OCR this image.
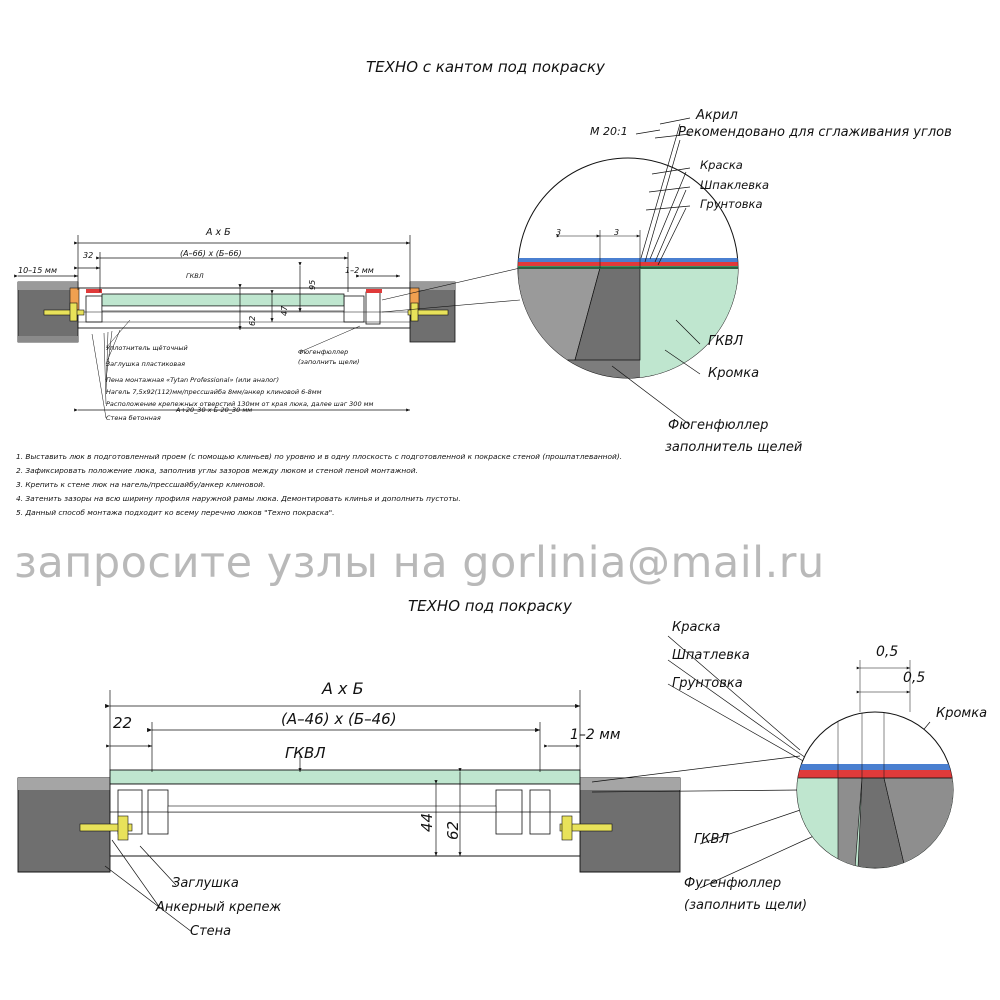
ТЕХНО с кантом под покраску
М 20:1
Акрил
Рекомендовано для сглаживания углов
Краска
Шпаклевка
Грунтовка
ГКВЛ
Кромка
Фюгенфюллер
заполнитель щелей
А х Б
(А–66) х (Б–66)
32
10–15 мм	1–2 мм
ГКВЛ
95
47
62
А+20_30 х Б-20_30 мм
3	3
Уплотнитель щёточный
Заглушка пластиковая
Пена монтажная «Tytan Professional» (или аналог)
Нагель 7,5х92(112)мм/прессшайба 8мм/анкер клиновой 6-8мм
Расположение крепежных отверстий 130мм от края люка, далее шаг 300 мм
Стена бетонная
Фюгенфюллер
(заполнить щели)
1. Выставить люк в подготовленный проем (с помощью клиньев) по уровню и в одну плоскость с подготовленной к покраске стеной (прошпатлеванной).
2. Зафиксировать положение люка, заполнив углы зазоров между люком и стеной пеной монтажной.
3. Крепить к стене люк на нагель/прессшайбу/анкер клиновой.
4. Затенить зазоры на всю ширину профиля наружной рамы люка. Демонтировать клинья и дополнить пустоты.
5. Данный способ монтажа подходит ко всему перечню люков "Техно покраска".
запросите узлы на gorlinia@mail.ru
ТЕХНО под покраску
Краска
Шпатлевка
Грунтовка
Кромка
ГКВЛ
Фугенфюллер
(заполнить щели)
А х Б
(А–46) х (Б–46)
22
1–2 мм
ГКВЛ
44 62
0,5
0,5
Заглушка
Анкерный крепеж
Стена
